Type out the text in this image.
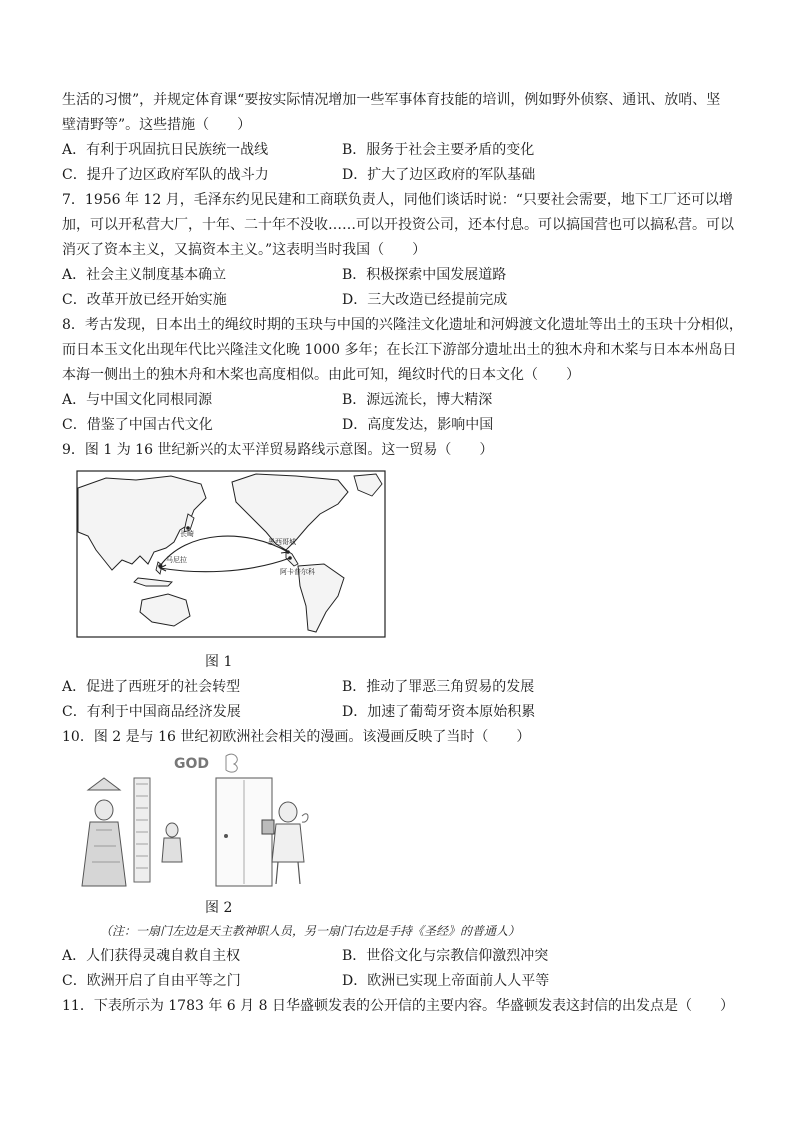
生活的习惯”，并规定体育课“要按实际情况增加一些军事体育技能的培训，例如野外侦察、通讯、放哨、坚
壁清野等”。这些措施（　　）
A．有利于巩固抗日民族统一战线	B．服务于社会主要矛盾的变化
C．提升了边区政府军队的战斗力	D．扩大了边区政府的军队基础
7．1956 年 12 月，毛泽东约见民建和工商联负责人，同他们谈话时说：“只要社会需要，地下工厂还可以增
加，可以开私营大厂，十年、二十年不没收……可以开投资公司，还本付息。可以搞国营也可以搞私营。可以
消灭了资本主义，又搞资本主义。”这表明当时我国（　　）
A．社会主义制度基本确立	B．积极探索中国发展道路
C．改革开放已经开始实施	D．三大改造已经提前完成
8．考古发现，日本出土的绳纹时期的玉玦与中国的兴隆洼文化遗址和河姆渡文化遗址等出土的玉玦十分相似，
而日本玉文化出现年代比兴隆洼文化晚 1000 多年；在长江下游部分遗址出土的独木舟和木桨与日本本州岛日
本海一侧出土的独木舟和木桨也高度相似。由此可知，绳纹时代的日本文化（　　）
A．与中国文化同根同源	B．源远流长，博大精深
C．借鉴了中国古代文化	D．高度发达，影响中国
9．图 1 为 16 世纪新兴的太平洋贸易路线示意图。这一贸易（　　）
长崎
马尼拉
墨西哥城
阿卡普尔科
图 1
A．促进了西班牙的社会转型	B．推动了罪恶三角贸易的发展
C．有利于中国商品经济发展	D．加速了葡萄牙资本原始积累
10．图 2 是与 16 世纪初欧洲社会相关的漫画。该漫画反映了当时（　　）
GOD
图 2
（注：一扇门左边是天主教神职人员，另一扇门右边是手持《圣经》的普通人）
A．人们获得灵魂自救自主权	B．世俗文化与宗教信仰激烈冲突
C．欧洲开启了自由平等之门	D．欧洲已实现上帝面前人人平等
11．下表所示为 1783 年 6 月 8 日华盛顿发表的公开信的主要内容。华盛顿发表这封信的出发点是（　　）
